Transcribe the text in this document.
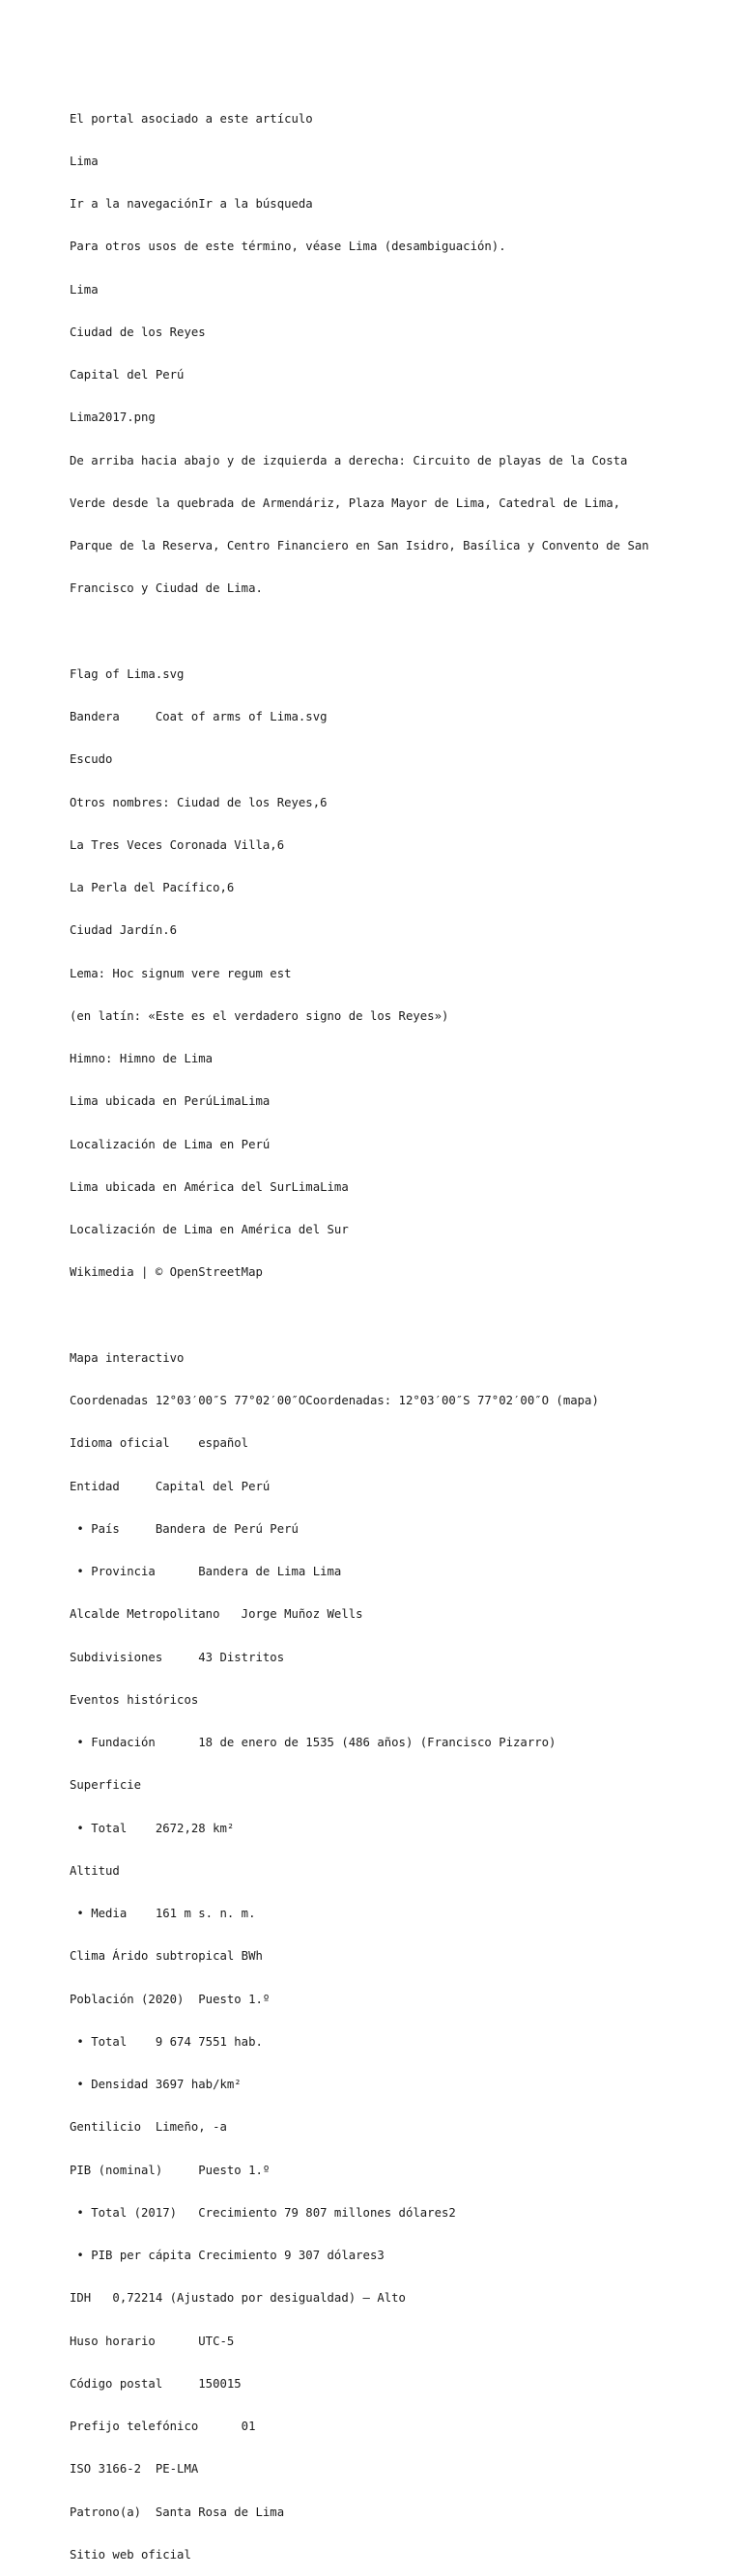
El portal asociado a este artículo

Lima

Ir a la navegaciónIr a la búsqueda

Para otros usos de este término, véase Lima (desambiguación).

Lima

Ciudad de los Reyes

Capital del Perú

Lima2017.png

De arriba hacia abajo y de izquierda a derecha: Circuito de playas de la Costa

Verde desde la quebrada de Armendáriz, Plaza Mayor de Lima, Catedral de Lima,

Parque de la Reserva, Centro Financiero en San Isidro, Basílica y Convento de San

Francisco y Ciudad de Lima.

Flag of Lima.svg

Bandera     Coat of arms of Lima.svg

Escudo

Otros nombres: Ciudad de los Reyes,6

La Tres Veces Coronada Villa,6

La Perla del Pacífico,6

Ciudad Jardín.6

Lema: Hoc signum vere regum est

(en latín: «Este es el verdadero signo de los Reyes»)

Himno: Himno de Lima

Lima ubicada en PerúLimaLima

Localización de Lima en Perú

Lima ubicada en América del SurLimaLima

Localización de Lima en América del Sur

Wikimedia | © OpenStreetMap

Mapa interactivo

Coordenadas 12°03′00″S 77°02′00″OCoordenadas: 12°03′00″S 77°02′00″O (mapa)

Idioma oficial    español

Entidad     Capital del Perú

• País     Bandera de Perú Perú

• Provincia      Bandera de Lima Lima

Alcalde Metropolitano   Jorge Muñoz Wells

Subdivisiones     43 Distritos

Eventos históricos

• Fundación      18 de enero de 1535 (486 años) (Francisco Pizarro)

Superficie

• Total    2672,28 km²

Altitud

• Media    161 m s. n. m.

Clima Árido subtropical BWh

Población (2020)  Puesto 1.º

• Total    9 674 7551 hab.

• Densidad 3697 hab/km²

Gentilicio  Limeño, -a

PIB (nominal)     Puesto 1.º

• Total (2017)   Crecimiento 79 807 millones dólares2

• PIB per cápita Crecimiento 9 307 dólares3

IDH   0,72214 (Ajustado por desigualdad) – Alto

Huso horario      UTC-5

Código postal     150015

Prefijo telefónico      01

ISO 3166-2  PE-LMA

Patrono(a)  Santa Rosa de Lima

Sitio web oficial
